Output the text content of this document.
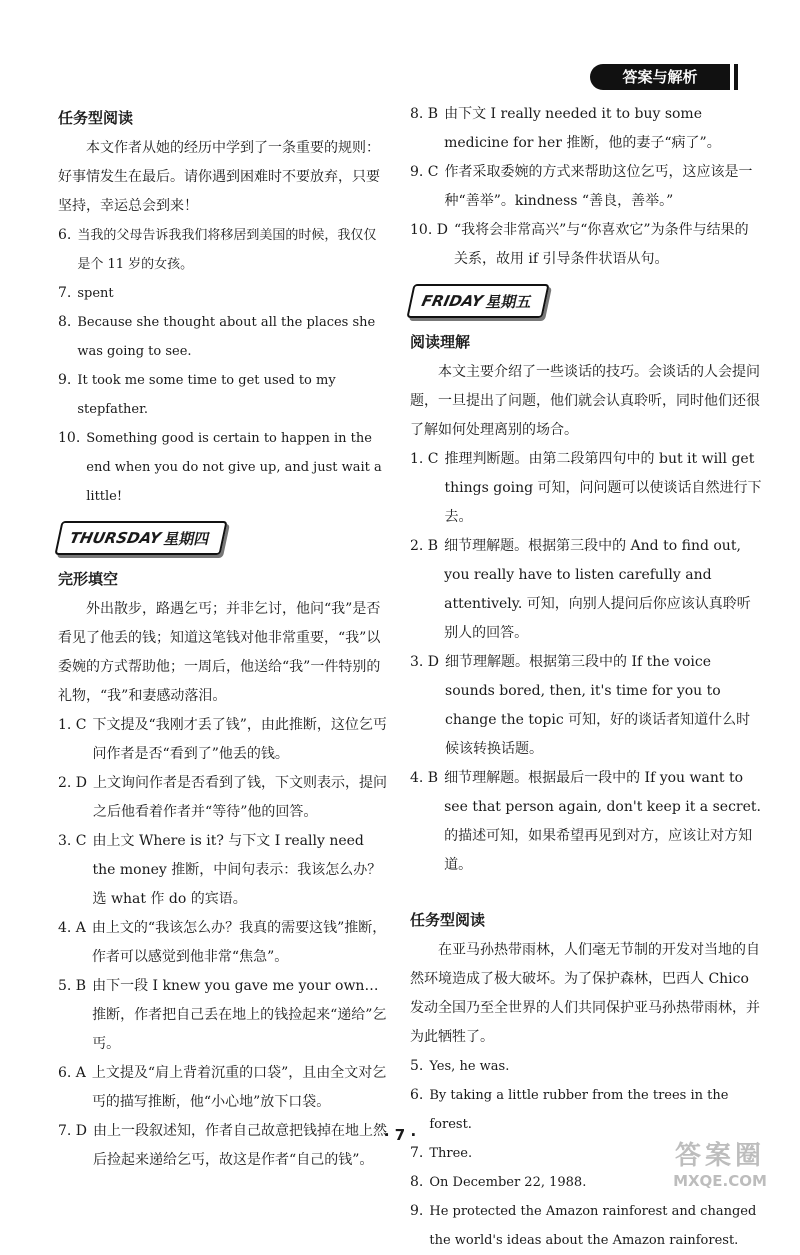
答案与解析
任务型阅读

本文作者从她的经历中学到了一条重要的规则：好事情发生在最后。请你遇到困难时不要放弃，只要坚持，幸运总会到来！

6. 当我的父母告诉我我们将移居到美国的时候，我仅仅是个 11 岁的女孩。
7. spent
8. Because she thought about all the places she was going to see.
9. It took me some time to get used to my stepfather.
10. Something good is certain to happen in the end when you do not give up, and just wait a little!
THURSDAY 星期四
完形填空

外出散步，路遇乞丐；并非乞讨，他问“我”是否看见了他丢的钱；知道这笔钱对他非常重要，“我”以委婉的方式帮助他；一周后，他送给“我”一件特别的礼物，“我”和妻感动落泪。

1. C 下文提及“我刚才丢了钱”，由此推断，这位乞丐问作者是否“看到了”他丢的钱。
2. D 上文询问作者是否看到了钱，下文则表示，提问之后他看着作者并“等待”他的回答。
3. C 由上文 Where is it? 与下文 I really need the money 推断，中间句表示：我该怎么办？选 what 作 do 的宾语。
4. A 由上文的“我该怎么办？我真的需要这钱”推断，作者可以感觉到他非常“焦急”。
5. B 由下一段 I knew you gave me your own… 推断，作者把自己丢在地上的钱捡起来“递给”乞丐。
6. A 上文提及“肩上背着沉重的口袋”，且由全文对乞丐的描写推断，他“小心地”放下口袋。
7. D 由上一段叙述知，作者自己故意把钱掉在地上然后捡起来递给乞丐，故这是作者“自己的钱”。
8. B 由下文 I really needed it to buy some medicine for her 推断，他的妻子“病了”。
9. C 作者采取委婉的方式来帮助这位乞丐，这应该是一种“善举”。kindness “善良，善举。”
10. D “我将会非常高兴”与“你喜欢它”为条件与结果的关系，故用 if 引导条件状语从句。
FRIDAY 星期五
阅读理解

本文主要介绍了一些谈话的技巧。会谈话的人会提问题，一旦提出了问题，他们就会认真聆听，同时他们还很了解如何处理离别的场合。

1. C 推理判断题。由第二段第四句中的 but it will get things going 可知，问问题可以使谈话自然进行下去。
2. B 细节理解题。根据第三段中的 And to find out, you really have to listen carefully and attentively. 可知，向别人提问后你应该认真聆听别人的回答。
3. D 细节理解题。根据第三段中的 If the voice sounds bored, then, it's time for you to change the topic 可知，好的谈话者知道什么时候该转换话题。
4. B 细节理解题。根据最后一段中的 If you want to see that person again, don't keep it a secret. 的描述可知，如果希望再见到对方，应该让对方知道。
任务型阅读

在亚马孙热带雨林，人们毫无节制的开发对当地的自然环境造成了极大破坏。为了保护森林，巴西人 Chico 发动全国乃至全世界的人们共同保护亚马孙热带雨林，并为此牺牲了。

5. Yes, he was.
6. By taking a little rubber from the trees in the forest.
7. Three.
8. On December 22, 1988.
9. He protected the Amazon rainforest and changed the world's ideas about the Amazon rainforest.
· 7 ·
答案圈
MXQE.COM
